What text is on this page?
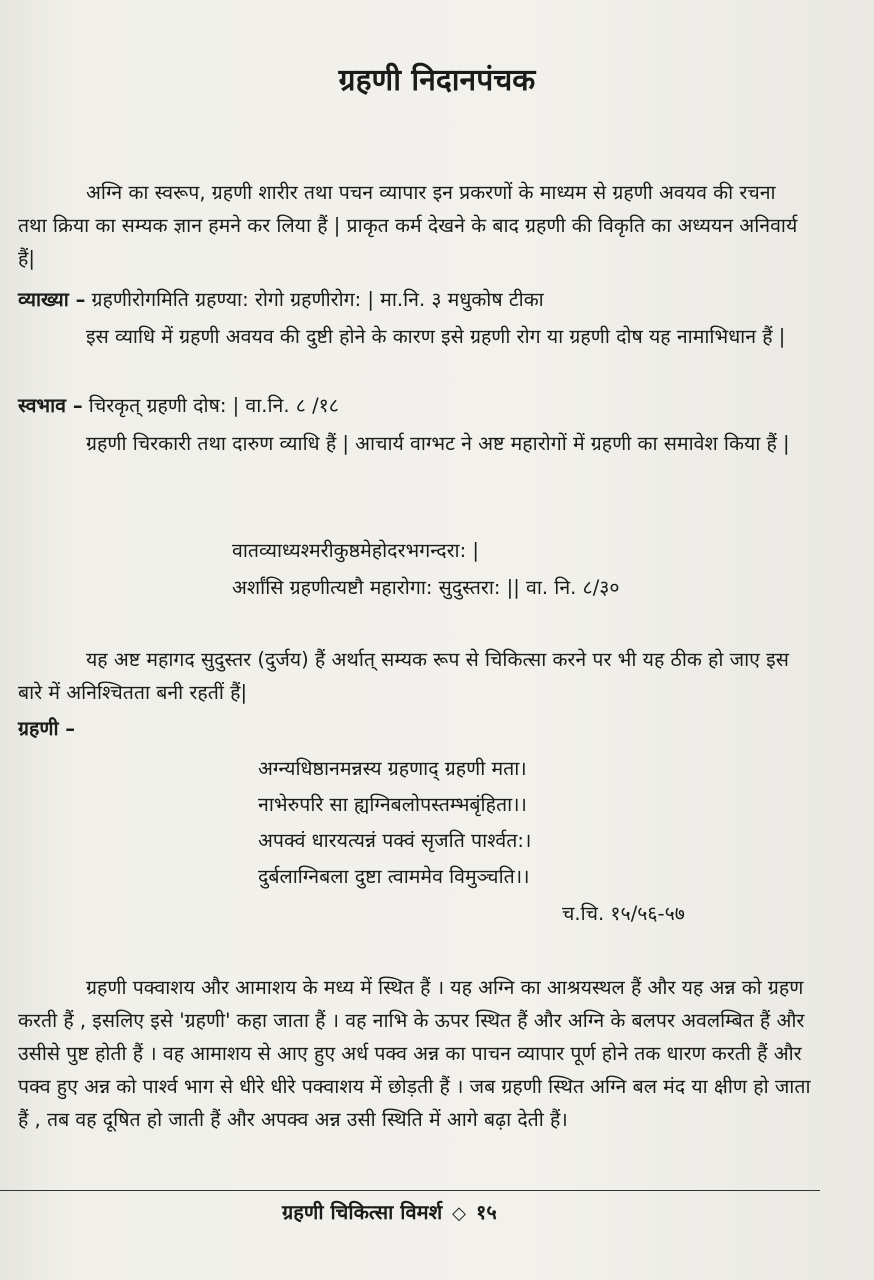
ग्रहणी निदानपंचक

अग्नि का स्वरूप, ग्रहणी शारीर तथा पचन व्यापार इन प्रकरणों के माध्यम से ग्रहणी अवयव की रचना तथा क्रिया का सम्यक ज्ञान हमने कर लिया हैं | प्राकृत कर्म देखने के बाद ग्रहणी की विकृति का अध्ययन अनिवार्य हैं|

व्याख्या – ग्रहणीरोगमिति ग्रहण्या: रोगो ग्रहणीरोग: | मा.नि. ३ मधुकोष टीका

इस व्याधि में ग्रहणी अवयव की दुष्टी होने के कारण इसे ग्रहणी रोग या ग्रहणी दोष यह नामाभिधान हैं |

स्वभाव – चिरकृत् ग्रहणी दोष: | वा.नि. ८ /१८

ग्रहणी चिरकारी तथा दारुण व्याधि हैं | आचार्य वाग्भट ने अष्ट महारोगों में ग्रहणी का समावेश किया हैं |

वातव्याध्यश्मरीकुष्ठमेहोदरभगन्दरा: |

अर्शांसि ग्रहणीत्यष्टौ महारोगा: सुदुस्तरा: || वा. नि. ८/३०

यह अष्ट महागद सुदुस्तर (दुर्जय) हैं अर्थात् सम्यक रूप से चिकित्सा करने पर भी यह ठीक हो जाए इस बारे में अनिश्चितता बनी रहतीं हैं|

ग्रहणी –

अग्न्यधिष्ठानमन्नस्य ग्रहणाद् ग्रहणी मता।

नाभेरुपरि सा ह्यग्निबलोपस्तम्भबृंहिता।।

अपक्वं धारयत्यन्नं पक्वं सृजति पार्श्वत:।

दुर्बलाग्निबला दुष्टा त्वाममेव विमुञ्चति।।

च.चि. १५/५६-५७

ग्रहणी पक्वाशय और आमाशय के मध्य में स्थित हैं । यह अग्नि का आश्रयस्थल हैं और यह अन्न को ग्रहण करती हैं , इसलिए इसे 'ग्रहणी' कहा जाता हैं । वह नाभि के ऊपर स्थित हैं और अग्नि के बलपर अवलम्बित हैं और उसीसे पुष्ट होती हैं । वह आमाशय से आए हुए अर्ध पक्व अन्न का पाचन व्यापार पूर्ण होने तक धारण करती हैं और पक्व हुए अन्न को पार्श्व भाग से धीरे धीरे पक्वाशय में छोड़ती हैं । जब ग्रहणी स्थित अग्नि बल मंद या क्षीण हो जाता हैं , तब वह दूषित हो जाती हैं और अपक्व अन्न उसी स्थिति में आगे बढ़ा देती हैं।

ग्रहणी चिकित्सा विमर्श ◇ १५
